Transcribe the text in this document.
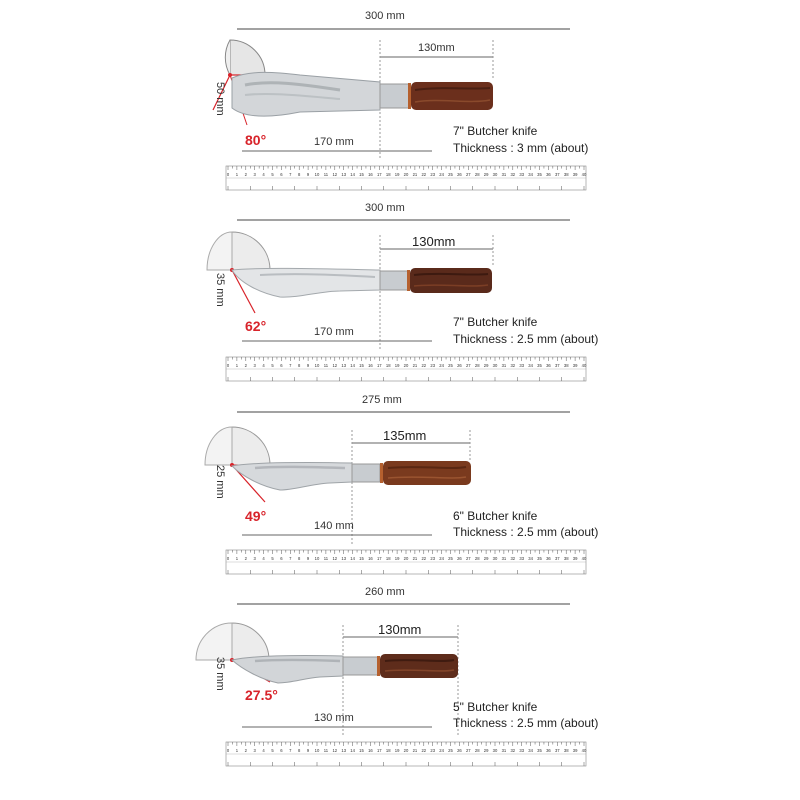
0 1 2 3 4 5 6 7 8 9 10 11 12 13 14 15 16 17 18 19 20 21 22 23 24 25 26 27 28 29 30 31 32 33 34 35 36 37 38 39 40
300 mm
130mm
170 mm
50 mm
80°
7" Butcher knife
Thickness : 3 mm (about)
0 1 2 3 4 5 6 7 8 9 10 11 12 13 14 15 16 17 18 19 20 21 22 23 24 25 26 27 28 29 30 31 32 33 34 35 36 37 38 39 40
300 mm
130mm
170 mm
35 mm
62°	7" Butcher knife
Thickness : 2.5 mm (about)
0 1 2 3 4 5 6 7 8 9 10 11 12 13 14 15 16 17 18 19 20 21 22 23 24 25 26 27 28 29 30 31 32 33 34 35 36 37 38 39 40
275 mm
135mm
140 mm
25 mm
49°	6" Butcher knife
Thickness : 2.5 mm (about)
0 1 2 3 4 5 6 7 8 9 10 11 12 13 14 15 16 17 18 19 20 21 22 23 24 25 26 27 28 29 30 31 32 33 34 35 36 37 38 39 40
260 mm
130mm
130 mm
35 mm
27.5°
5" Butcher knife
Thickness : 2.5 mm (about)
